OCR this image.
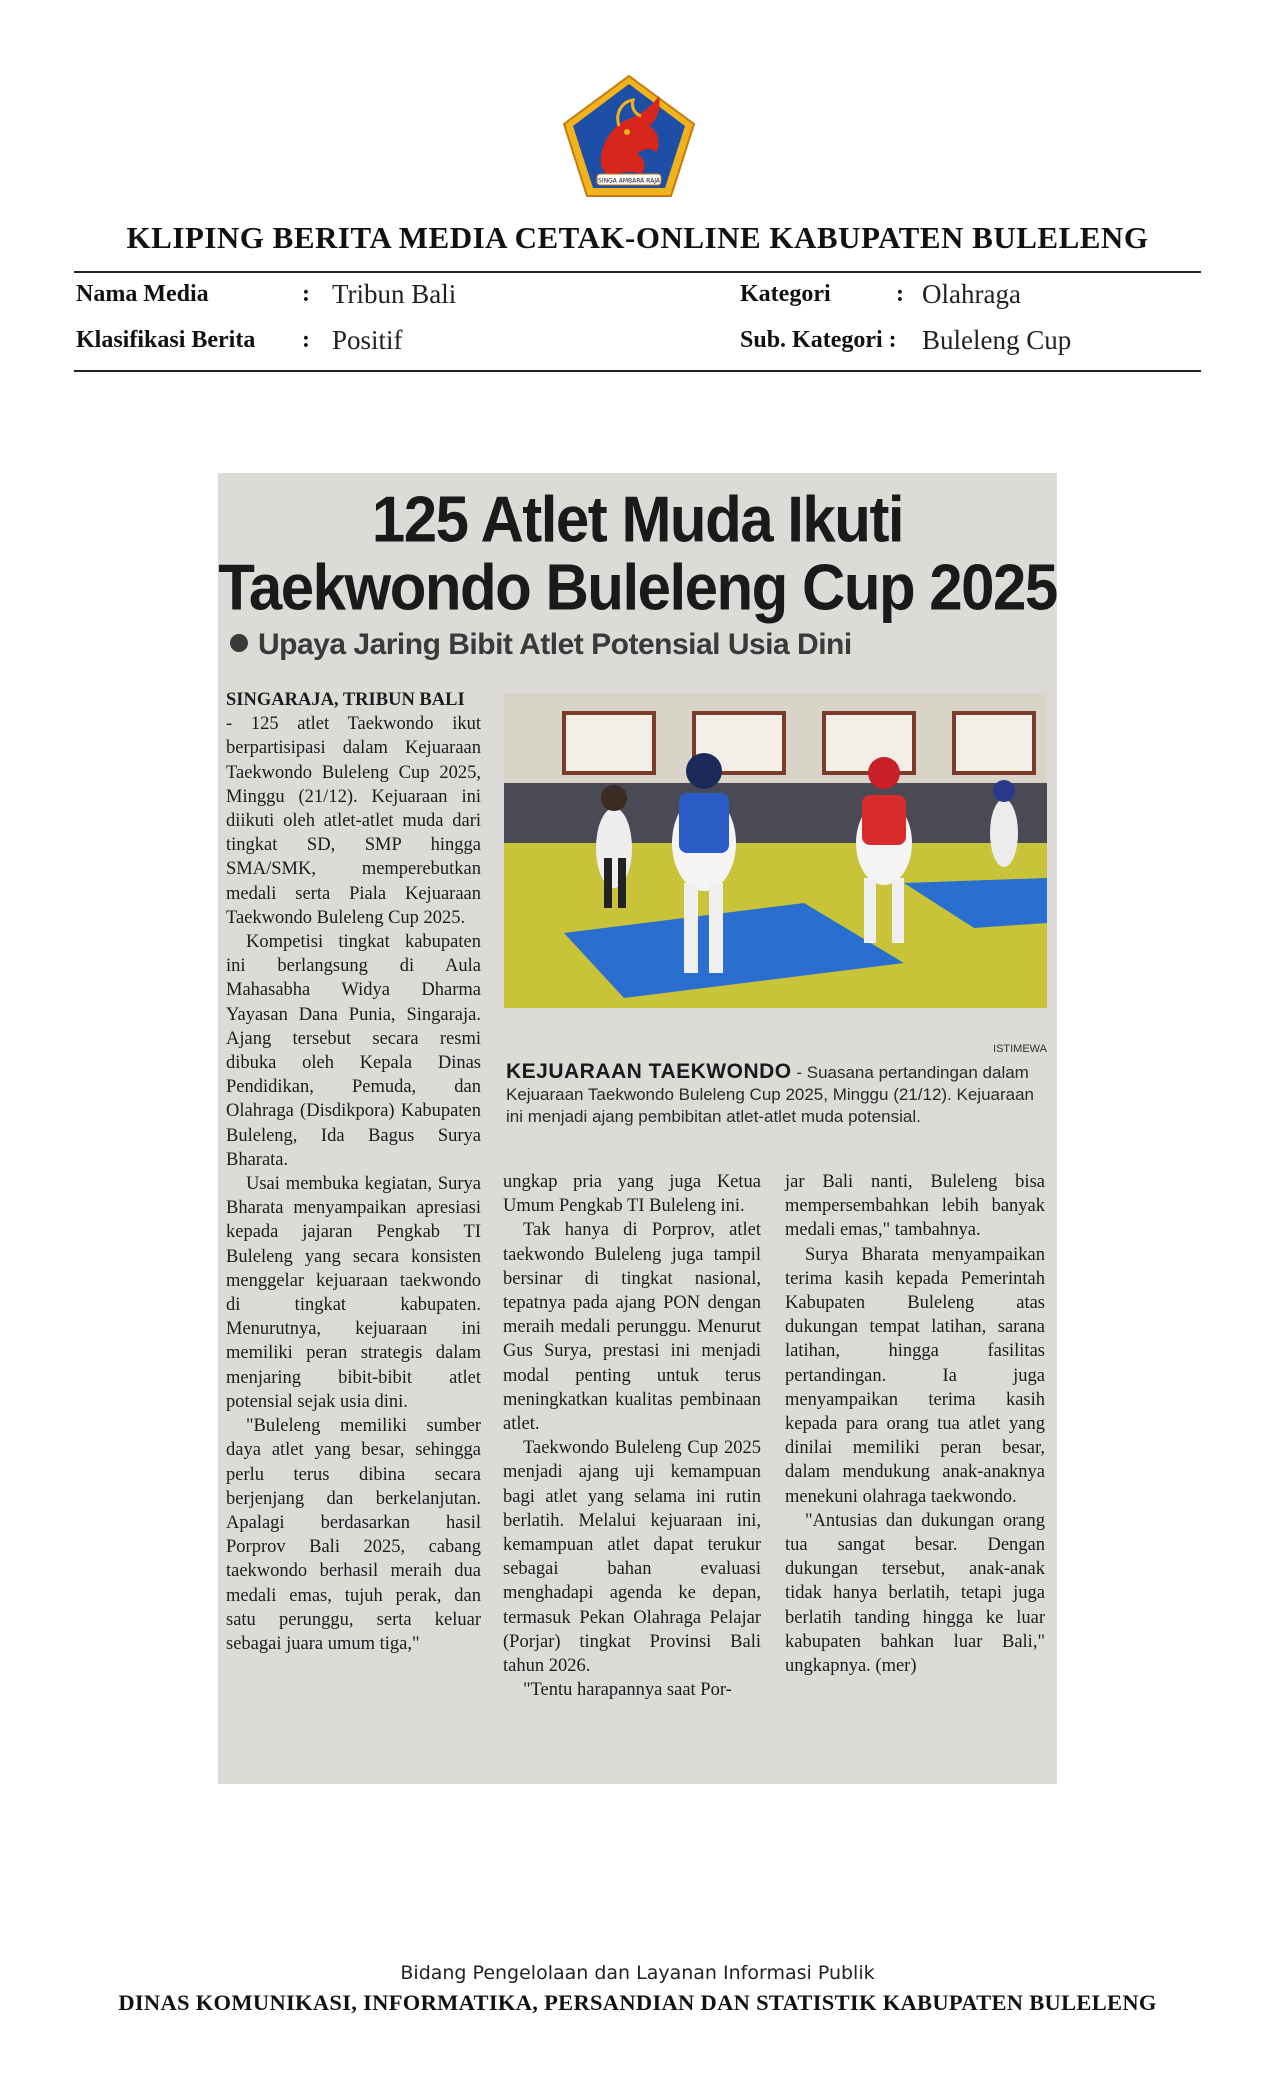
SINGA AMBARA RAJA
KLIPING BERITA MEDIA CETAK-ONLINE KABUPATEN BULELENG
Nama Media	: Tribun Bali
Klasifikasi Berita : Positif
Kategori	: Olahraga
Sub. Kategori : Buleleng Cup
125 Atlet Muda Ikuti
Taekwondo Buleleng Cup 2025
Upaya Jaring Bibit Atlet Potensial Usia Dini

SINGARAJA, TRIBUN BALI

- 125 atlet Taekwondo ikut berpartisipasi dalam Kejuaraan Taekwondo Buleleng Cup 2025, Minggu (21/12). Kejuaraan ini diikuti oleh atlet-atlet muda dari tingkat SD, SMP hingga SMA/SMK, memperebutkan medali serta Piala Kejuaraan Taekwondo Buleleng Cup 2025.

Kompetisi tingkat kabupaten ini berlangsung di Aula Mahasabha Widya Dharma Yayasan Dana Punia, Singaraja. Ajang tersebut secara resmi dibuka oleh Kepala Dinas Pendidikan, Pemuda, dan Olahraga (Disdikpora) Kabupaten Buleleng, Ida Bagus Surya Bharata.

Usai membuka kegiatan, Surya Bharata menyampaikan apresiasi kepada jajaran Pengkab TI Buleleng yang secara konsisten menggelar kejuaraan taekwondo di tingkat kabupaten. Menurutnya, kejuaraan ini memiliki peran strategis dalam menjaring bibit-bibit atlet potensial sejak usia dini.

"Buleleng memiliki sumber daya atlet yang besar, sehingga perlu terus dibina secara berjenjang dan berkelanjutan. Apalagi berdasarkan hasil Porprov Bali 2025, cabang taekwondo berhasil meraih dua medali emas, tujuh perak, dan satu perunggu, serta keluar sebagai juara umum tiga,"

ISTIMEWA
KEJUARAAN TAEKWONDO - Suasana pertandingan dalam Kejuaraan Taekwondo Buleleng Cup 2025, Minggu (21/12). Kejuaraan ini menjadi ajang pembibitan atlet-atlet muda potensial.

ungkap pria yang juga Ketua Umum Pengkab TI Buleleng ini.

Tak hanya di Porprov, atlet taekwondo Buleleng juga tampil bersinar di tingkat nasional, tepatnya pada ajang PON dengan meraih medali perunggu. Menurut Gus Surya, prestasi ini menjadi modal penting untuk terus meningkatkan kualitas pembinaan atlet.

Taekwondo Buleleng Cup 2025 menjadi ajang uji kemampuan bagi atlet yang selama ini rutin berlatih. Melalui kejuaraan ini, kemampuan atlet dapat terukur sebagai bahan evaluasi menghadapi agenda ke depan, termasuk Pekan Olahraga Pelajar (Porjar) tingkat Provinsi Bali tahun 2026.

"Tentu harapannya saat Por-

jar Bali nanti, Buleleng bisa mempersembahkan lebih banyak medali emas," tambahnya.

Surya Bharata menyampaikan terima kasih kepada Pemerintah Kabupaten Buleleng atas dukungan tempat latihan, sarana latihan, hingga fasilitas pertandingan. Ia juga menyampaikan terima kasih kepada para orang tua atlet yang dinilai memiliki peran besar, dalam mendukung anak-anaknya menekuni olahraga taekwondo.

"Antusias dan dukungan orang tua sangat besar. Dengan dukungan tersebut, anak-anak tidak hanya berlatih, tetapi juga berlatih tanding hingga ke luar kabupaten bahkan luar Bali," ungkapnya. (mer)

Bidang Pengelolaan dan Layanan Informasi Publik
DINAS KOMUNIKASI, INFORMATIKA, PERSANDIAN DAN STATISTIK KABUPATEN BULELENG
